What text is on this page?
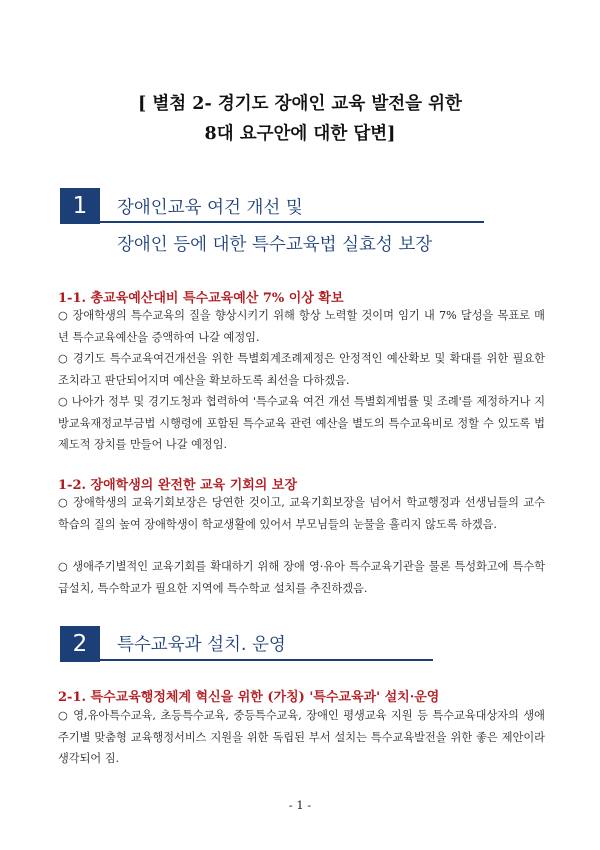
[ 별첨 2- 경기도 장애인 교육 발전을 위한
8대 요구안에 대한 답변]
1	장애인교육 여건 개선 및
장애인 등에 대한 특수교육법 실효성 보장
1-1. 총교육예산대비 특수교육예산 7% 이상 확보

○ 장애학생의 특수교육의 질을 향상시키기 위해 항상 노력할 것이며 임기 내 7% 달성을 목표로 매년 특수교육예산을 증액하여 나갈 예정임.

○ 경기도 특수교육여건개선을 위한 특별회계조례제정은 안정적인 예산확보 및 확대를 위한 필요한 조치라고 판단되어지며 예산을 확보하도록 최선을 다하겠음.

○ 나아가 정부 및 경기도청과 협력하여 '특수교육 여건 개선 특별회계법률 및 조례'를 제정하거나 지방교육재정교부금법 시행령에 포함된 특수교육 관련 예산을 별도의 특수교육비로 정할 수 있도록 법제도적 장치를 만들어 나갈 예정임.

1-2. 장애학생의 완전한 교육 기회의 보장

○ 장애학생의 교육기회보장은 당연한 것이고, 교육기회보장을 넘어서 학교행정과 선생님들의 교수학습의 질의 높여 장애학생이 학교생활에 있어서 부모님들의 눈물을 흘리지 않도록 하겠음.

○ 생애주기별적인 교육기회를 확대하기 위해 장애 영·유아 특수교육기관을 물론 특성화고에 특수학급설치, 특수학교가 필요한 지역에 특수학교 설치를 추진하겠음.

2	특수교육과 설치. 운영
2-1. 특수교육행정체계 혁신을 위한 (가칭) '특수교육과' 설치·운영

○ 영,유아특수교육, 초등특수교육, 중등특수교육, 장애인 평생교육 지원 등 특수교육대상자의 생애주기별 맞춤형 교육행정서비스 지원을 위한 독립된 부서 설치는 특수교육발전을 위한 좋은 제안이라 생각되어 짐.

- 1 -
